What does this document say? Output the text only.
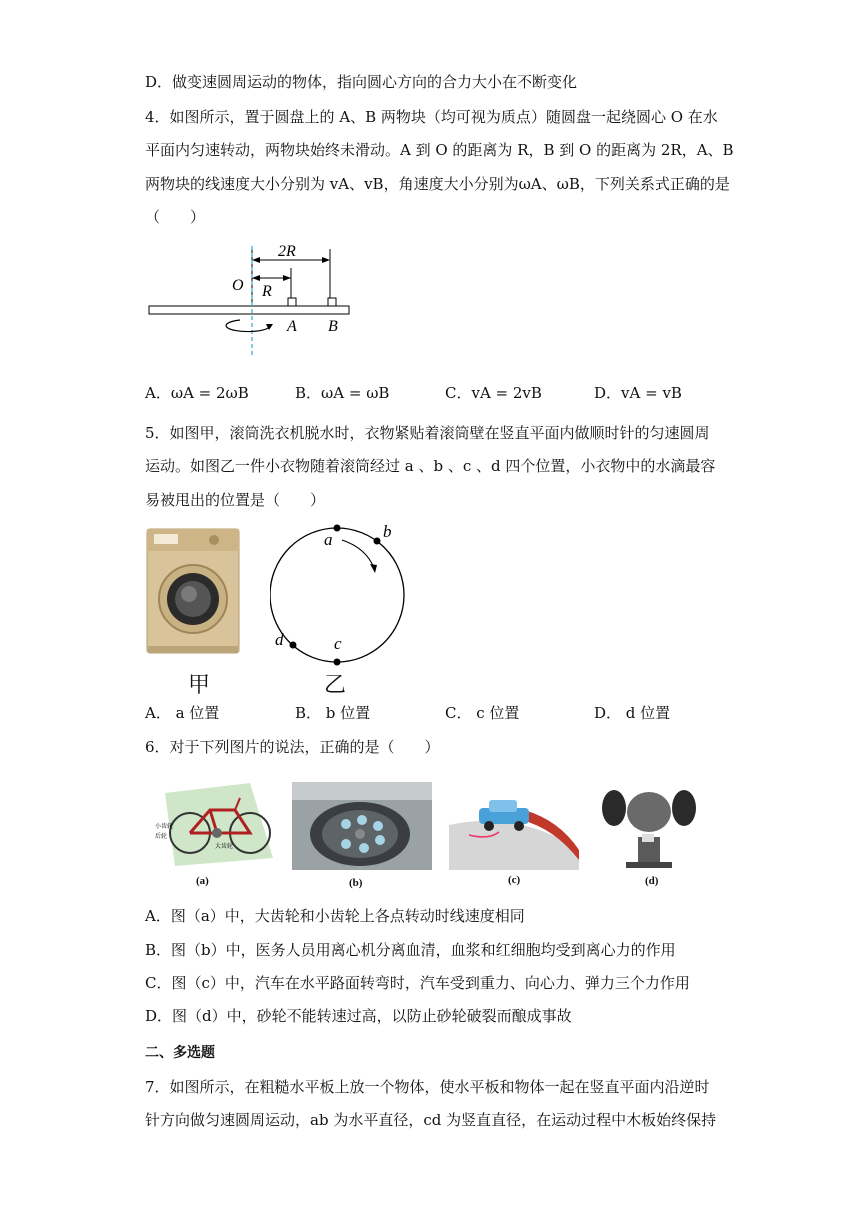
D．做变速圆周运动的物体，指向圆心方向的合力大小在不断变化
4．如图所示，置于圆盘上的 A、B 两物块（均可视为质点）随圆盘一起绕圆心 O 在水
平面内匀速转动，两物块始终未滑动。A 到 O 的距离为 R，B 到 O 的距离为 2R，A、B
两物块的线速度大小分别为 vA、vB，角速度大小分别为ωA、ωB，下列关系式正确的是
（　　）
2R
R
O
A B
A．ωA = 2ωB	B．ωA = ωB	C．vA = 2vB	D．vA = vB
5．如图甲，滚筒洗衣机脱水时，衣物紧贴着滚筒壁在竖直平面内做顺时针的匀速圆周
运动。如图乙一件小衣物随着滚筒经过 a 、b 、c 、d 四个位置，小衣物中的水滴最容
易被甩出的位置是（　　）
甲
a	b
c
d
乙
A． a 位置	B． b 位置	C． c 位置	D． d 位置
6．对于下列图片的说法，正确的是（　　）
小齿轮
后轮
大齿轮
(a)	(b)	(c)	(d)
A．图（a）中，大齿轮和小齿轮上各点转动时线速度相同
B．图（b）中，医务人员用离心机分离血清，血浆和红细胞均受到离心力的作用
C．图（c）中，汽车在水平路面转弯时，汽车受到重力、向心力、弹力三个力作用
D．图（d）中，砂轮不能转速过高，以防止砂轮破裂而酿成事故
二、多选题
7．如图所示，在粗糙水平板上放一个物体，使水平板和物体一起在竖直平面内沿逆时
针方向做匀速圆周运动，ab 为水平直径，cd 为竖直直径，在运动过程中木板始终保持
